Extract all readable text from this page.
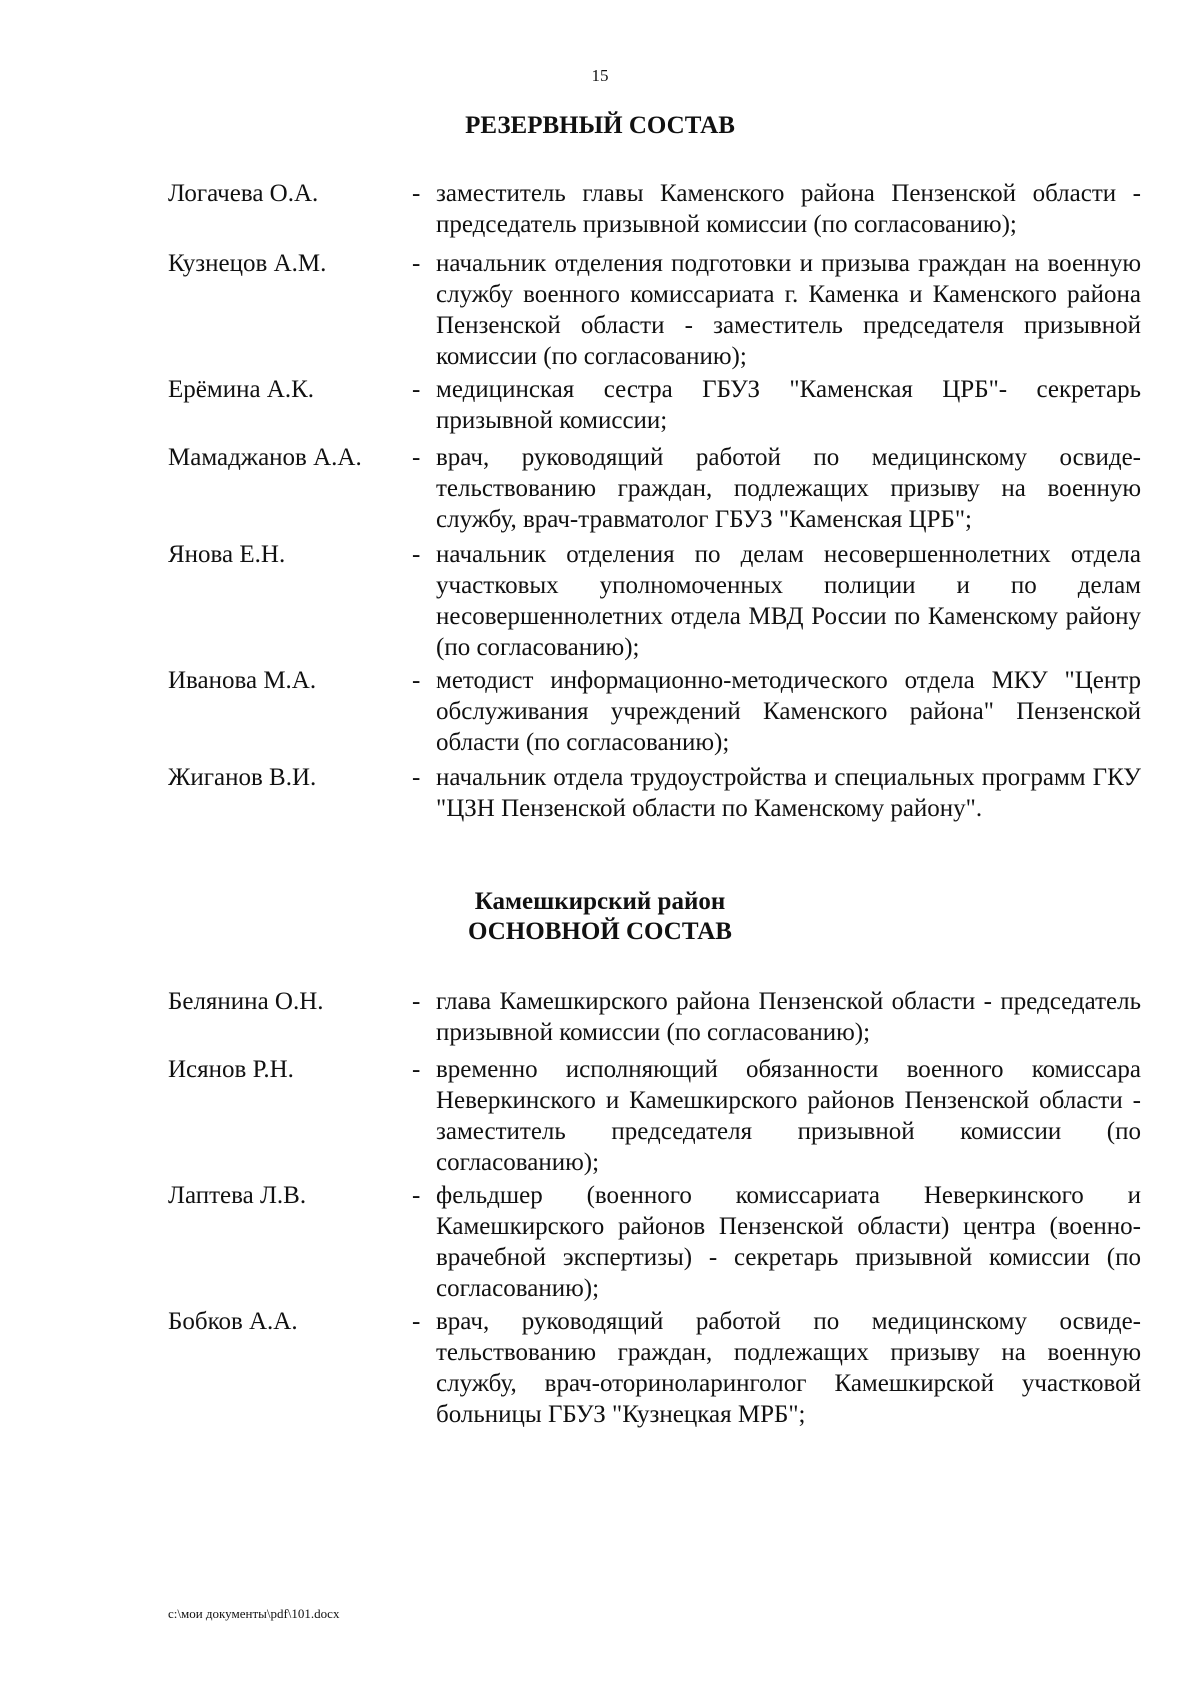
15
РЕЗЕРВНЫЙ СОСТАВ
Логачева О.А.	- заместитель главы Каменского района Пензенской области - председатель призывной комиссии (по согласованию);
Кузнецов А.М.	- начальник отделения подготовки и призыва граждан на военную службу военного комиссариата г. Каменка и Каменского района Пензенской области - заместитель председателя призывной комиссии (по согласованию);
Ерёмина А.К.	- медицинская сестра ГБУЗ "Каменская ЦРБ"- секретарь призывной комиссии;
Мамаджанов А.А. - врач, руководящий работой по медицинскому освидетельствованию граждан, подлежащих призыву на военную службу, врач-травматолог ГБУЗ "Каменская ЦРБ";
Янова Е.Н.	- начальник отделения по делам несовершеннолетних отдела участковых уполномоченных полиции и по делам несовершеннолетних отдела МВД России по Каменскому району (по согласованию);
Иванова М.А.	- методист информационно-методического отдела МКУ "Центр обслуживания учреждений Каменского района" Пензенской области (по согласованию);
Жиганов В.И.	- начальник отдела трудоустройства и специальных программ ГКУ "ЦЗН Пензенской области по Каменскому району".
Камешкирский район
ОСНОВНОЙ СОСТАВ
Белянина О.Н.	- глава Камешкирского района Пензенской области - председатель призывной комиссии (по согласованию);
Исянов Р.Н.	- временно исполняющий обязанности военного комиссара Неверкинского и Камешкирского районов Пензенской области - заместитель председателя призывной комиссии (по согласованию);
Лаптева Л.В.	- фельдшер (военного комиссариата Неверкинского и Камешкирского районов Пензенской области) центра (военно-врачебной экспертизы) - секретарь призывной комиссии (по согласованию);
Бобков А.А.	- врач, руководящий работой по медицинскому освидетельствованию граждан, подлежащих призыву на военную службу, врач-оториноларинголог Камешкирской участковой больницы ГБУЗ "Кузнецкая МРБ";
c:\мои документы\pdf\101.docx
